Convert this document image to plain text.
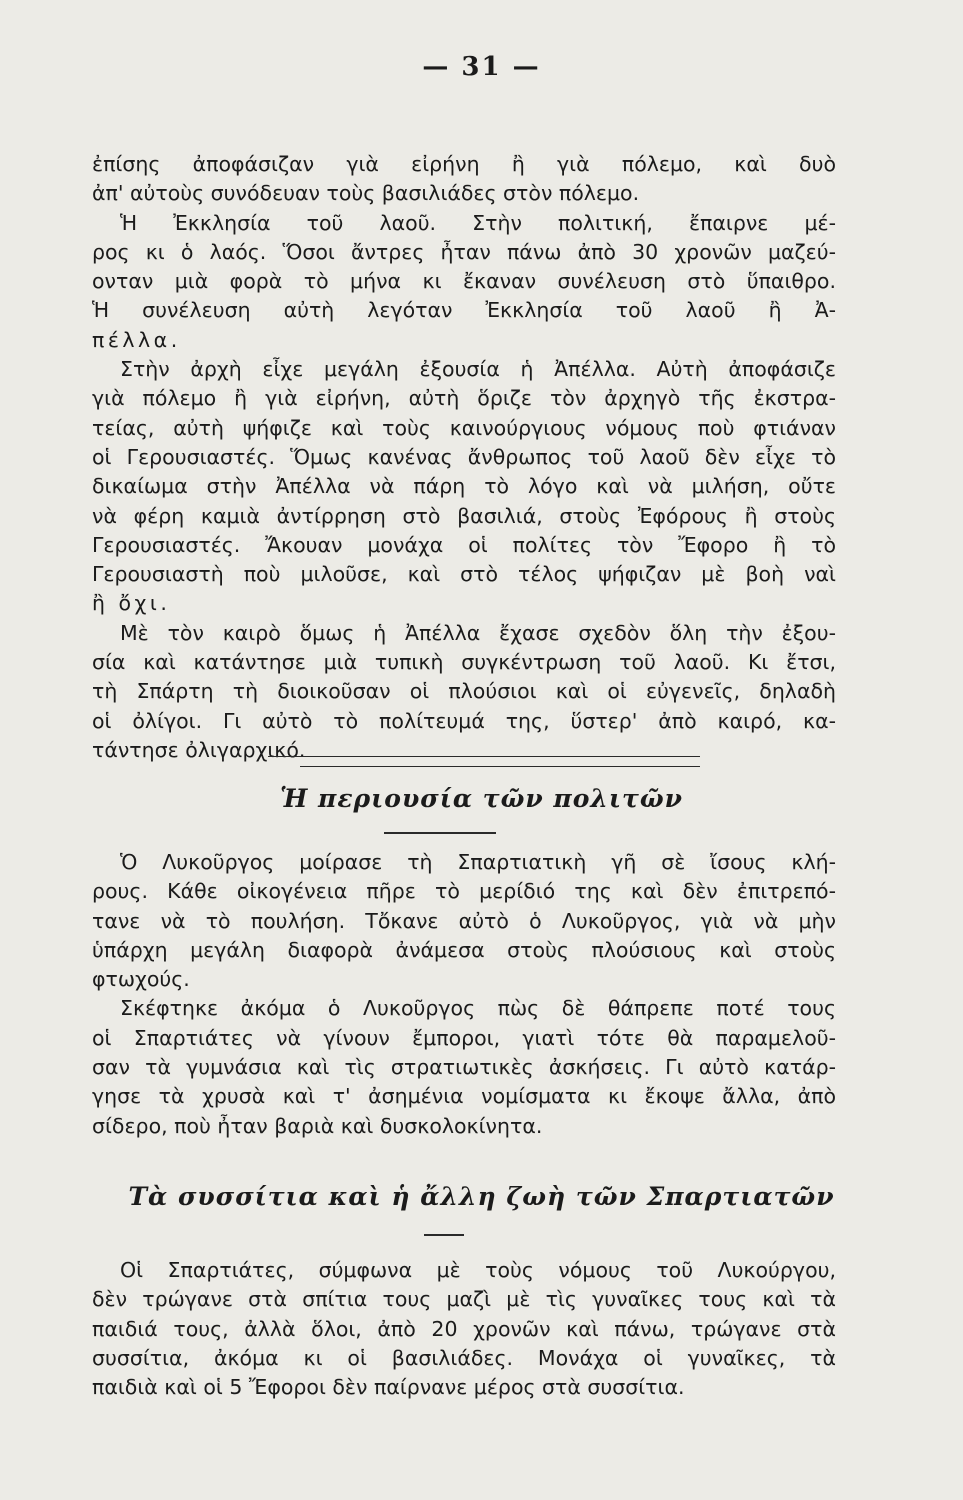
— 31 —
ἐπίσης ἀποφάσιζαν γιὰ εἰρήνη ἢ γιὰ πόλεμο, καὶ δυὸ
ἀπ' αὐτοὺς συνόδευαν τοὺς βασιλιάδες στὸν πόλεμο.
Ἡ Ἐκκλησία τοῦ λαοῦ. Στὴν πολιτική, ἔπαιρνε μέ-
ρος κι ὁ λαός. Ὅσοι ἄντρες ἦταν πάνω ἀπὸ 30 χρονῶν μαζεύ-
ονταν μιὰ φορὰ τὸ μήνα κι ἔκαναν συνέλευση στὸ ὕπαιθρο.
Ἡ συνέλευση αὐτὴ λεγόταν Ἐκκλησία τοῦ λαοῦ ἢ Ἀ-
πέλλα.
Στὴν ἀρχὴ εἶχε μεγάλη ἐξουσία ἡ Ἀπέλλα. Αὐτὴ ἀποφάσιζε
γιὰ πόλεμο ἢ γιὰ εἰρήνη, αὐτὴ ὅριζε τὸν ἀρχηγὸ τῆς ἐκστρα-
τείας, αὐτὴ ψήφιζε καὶ τοὺς καινούργιους νόμους ποὺ φτιάναν
οἱ Γερουσιαστές. Ὅμως κανένας ἄνθρωπος τοῦ λαοῦ δὲν εἶχε τὸ
δικαίωμα στὴν Ἀπέλλα νὰ πάρη τὸ λόγο καὶ νὰ μιλήση, οὔτε
νὰ φέρη καμιὰ ἀντίρρηση στὸ βασιλιά, στοὺς Ἐφόρους ἢ στοὺς
Γερουσιαστές. Ἄκουαν μονάχα οἱ πολίτες τὸν Ἔφορο ἢ τὸ
Γερουσιαστὴ ποὺ μιλοῦσε, καὶ στὸ τέλος ψήφιζαν μὲ βοὴ ναὶ
ἢ ὄχι.
Μὲ τὸν καιρὸ ὅμως ἡ Ἀπέλλα ἔχασε σχεδὸν ὅλη τὴν ἐξου-
σία καὶ κατάντησε μιὰ τυπικὴ συγκέντρωση τοῦ λαοῦ. Κι ἔτσι,
τὴ Σπάρτη τὴ διοικοῦσαν οἱ πλούσιοι καὶ οἱ εὐγενεῖς, δηλαδὴ
οἱ ὀλίγοι. Γι αὐτὸ τὸ πολίτευμά της, ὕστερ' ἀπὸ καιρό, κα-
τάντησε ὀλιγαρχικό.
Ἡ περιουσία τῶν πολιτῶν
Ὁ Λυκοῦργος μοίρασε τὴ Σπαρτιατικὴ γῆ σὲ ἴσους κλή-
ρους. Κάθε οἰκογένεια πῆρε τὸ μερίδιό της καὶ δὲν ἐπιτρεπό-
τανε νὰ τὸ πουλήση. Τὄκανε αὐτὸ ὁ Λυκοῦργος, γιὰ νὰ μὴν
ὑπάρχη μεγάλη διαφορὰ ἀνάμεσα στοὺς πλούσιους καὶ στοὺς
φτωχούς.
Σκέφτηκε ἀκόμα ὁ Λυκοῦργος πὼς δὲ θάπρεπε ποτέ τους
οἱ Σπαρτιάτες νὰ γίνουν ἔμποροι, γιατὶ τότε θὰ παραμελοῦ-
σαν τὰ γυμνάσια καὶ τὶς στρατιωτικὲς ἀσκήσεις. Γι αὐτὸ κατάρ-
γησε τὰ χρυσὰ καὶ τ' ἀσημένια νομίσματα κι ἔκοψε ἄλλα, ἀπὸ
σίδερο, ποὺ ἦταν βαριὰ καὶ δυσκολοκίνητα.
Τὰ συσσίτια καὶ ἡ ἄλλη ζωὴ τῶν Σπαρτιατῶν
Οἱ Σπαρτιάτες, σύμφωνα μὲ τοὺς νόμους τοῦ Λυκούργου,
δὲν τρώγανε στὰ σπίτια τους μαζὶ μὲ τὶς γυναῖκες τους καὶ τὰ
παιδιά τους, ἀλλὰ ὅλοι, ἀπὸ 20 χρονῶν καὶ πάνω, τρώγανε στὰ
συσσίτια, ἀκόμα κι οἱ βασιλιάδες. Μονάχα οἱ γυναῖκες, τὰ
παιδιὰ καὶ οἱ 5 Ἔφοροι δὲν παίρνανε μέρος στὰ συσσίτια.
